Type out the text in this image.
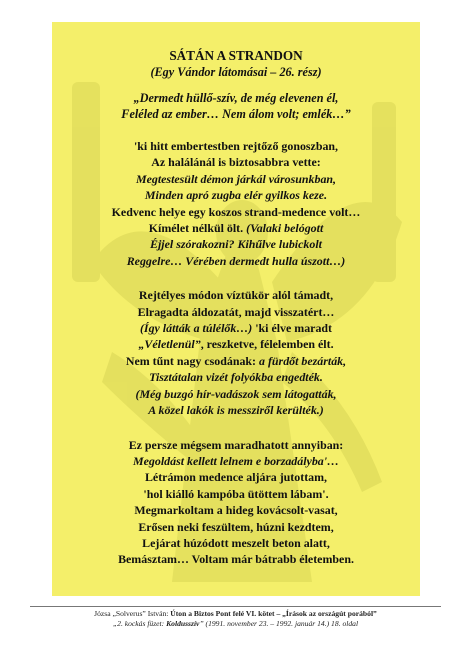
SÁTÁN A STRANDON
(Egy Vándor látomásai – 26. rész)
„Dermedt hüllő-szív, de még elevenen él,
Feléled az ember… Nem álom volt; emlék…”
'ki hitt embertestben rejtőző gonoszban,
Az halálánál is biztosabbra vette:
Megtestesült démon járkál városunkban,
Minden apró zugba elér gyilkos keze.
Kedvenc helye egy koszos strand-medence volt…
Kímélet nélkül ölt. (Valaki belógott
Éjjel szórakozni? Kihűlve lubickolt
Reggelre… Vérében dermedt hulla úszott…)
Rejtélyes módon víztükör alól támadt,
Elragadta áldozatát, majd visszatért…
(Így látták a túlélők…) 'ki élve maradt
„Véletlenül”, reszketve, félelemben élt.
Nem tűnt nagy csodának: a fürdőt bezárták,
Tisztátalan vizét folyókba engedték.
(Még buzgó hír-vadászok sem látogatták,
A közel lakók is messziről kerülték.)
Ez persze mégsem maradhatott annyiban:
Megoldást kellett lelnem e borzadályba'…
Létrámon medence aljára jutottam,
'hol kiálló kampóba ütöttem lábam'.
Megmarkoltam a hideg kovácsolt-vasat,
Erősen neki feszültem, húzni kezdtem,
Lejárat húzódott meszelt beton alatt,
Bemásztam… Voltam már bátrabb életemben.
Józsa „Solverus” István: Úton a Biztos Pont felé VI. kötet – „Írások az országút porából”
„2. kockás füzet: Koldusszív” (1991. november 23. – 1992. január 14.) 18. oldal
